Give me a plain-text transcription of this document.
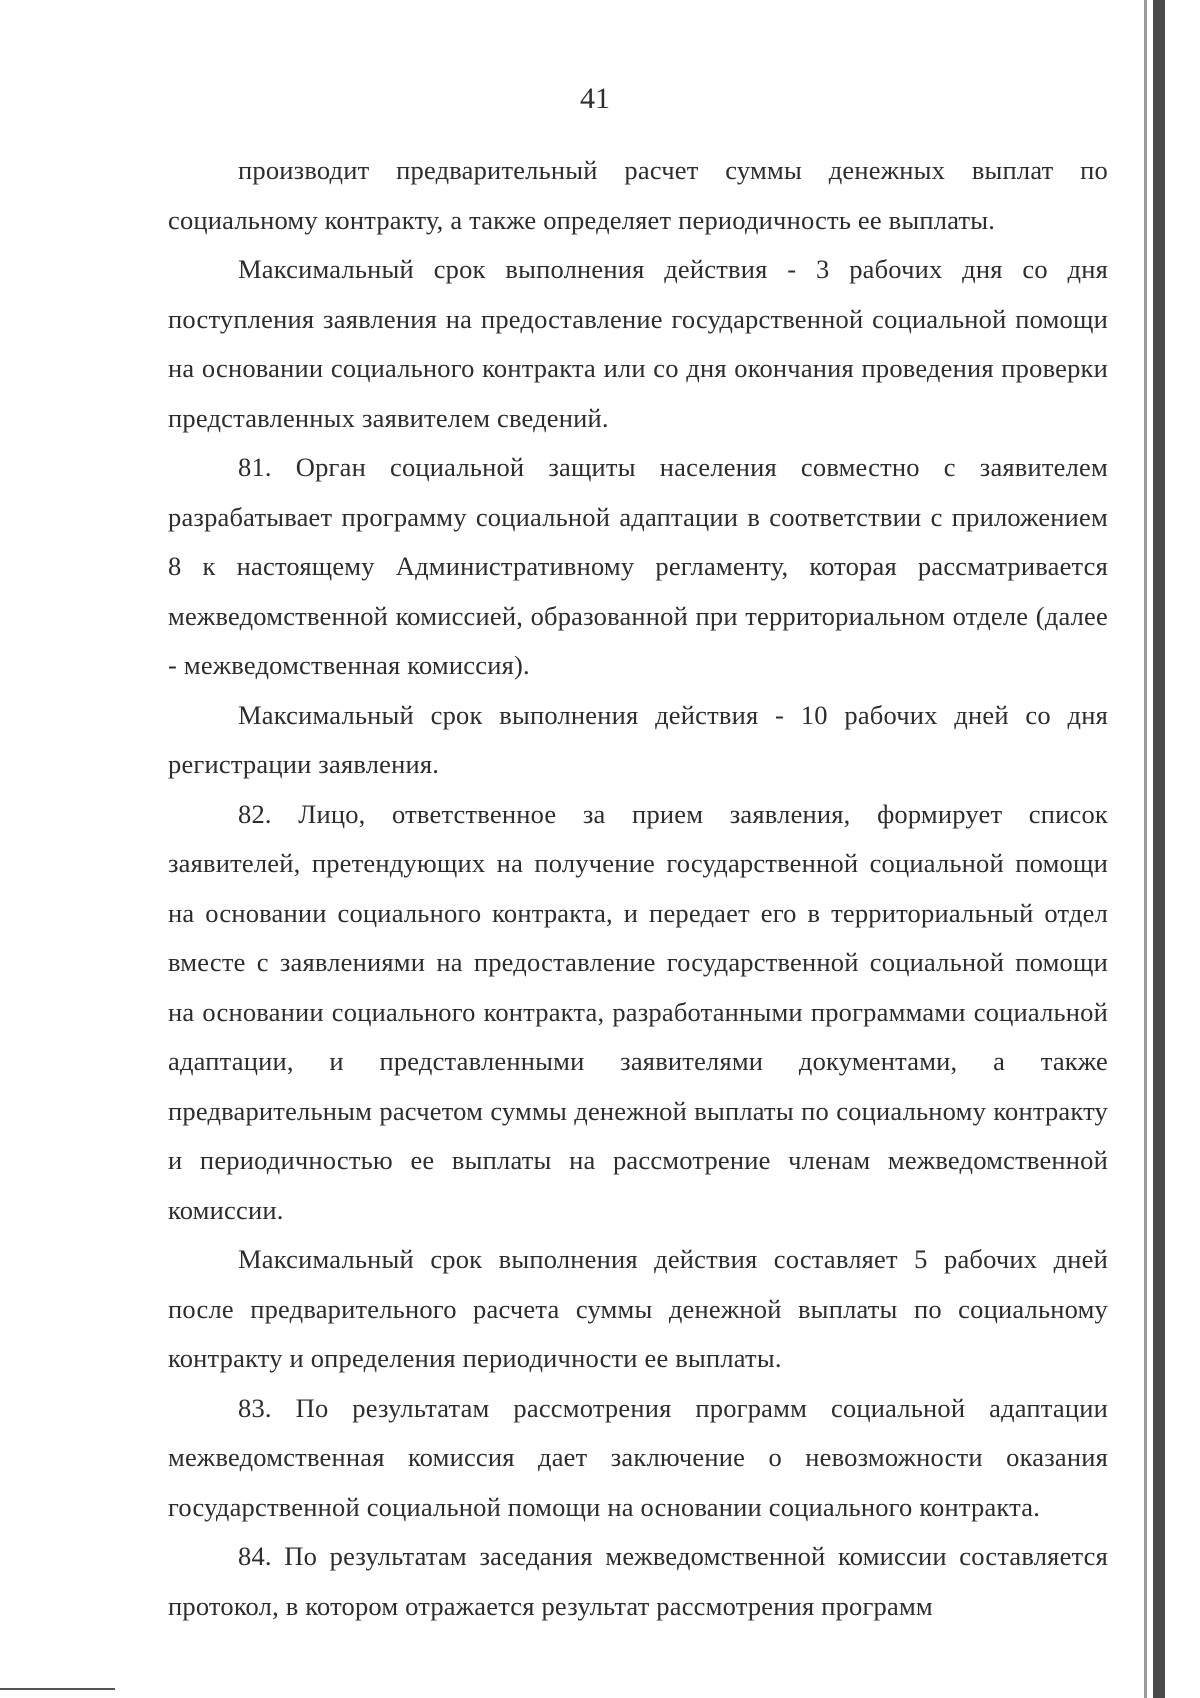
41

производит предварительный расчет суммы денежных выплат по социальному контракту, а также определяет периодичность ее выплаты.

Максимальный срок выполнения действия - 3 рабочих дня со дня поступления заявления на предоставление государственной социальной помощи на основании социального контракта или со дня окончания проведения проверки представленных заявителем сведений.

81. Орган социальной защиты населения совместно с заявителем разрабатывает программу социальной адаптации в соответствии с приложением 8 к настоящему Административному регламенту, которая рассматривается межведомственной комиссией, образованной при территориальном отделе (далее - межведомственная комиссия).

Максимальный срок выполнения действия - 10 рабочих дней со дня регистрации заявления.

82. Лицо, ответственное за прием заявления, формирует список заявителей, претендующих на получение государственной социальной помощи на основании социального контракта, и передает его в территориальный отдел вместе с заявлениями на предоставление государственной социальной помощи на основании социального контракта, разработанными программами социальной адаптации, и представленными заявителями документами, а также предварительным расчетом суммы денежной выплаты по социальному контракту и периодичностью ее выплаты на рассмотрение членам межведомственной комиссии.

Максимальный срок выполнения действия составляет 5 рабочих дней после предварительного расчета суммы денежной выплаты по социальному контракту и определения периодичности ее выплаты.

83. По результатам рассмотрения программ социальной адаптации межведомственная комиссия дает заключение о невозможности оказания государственной социальной помощи на основании социального контракта.

84. По результатам заседания межведомственной комиссии составляется протокол, в котором отражается результат рассмотрения программ
